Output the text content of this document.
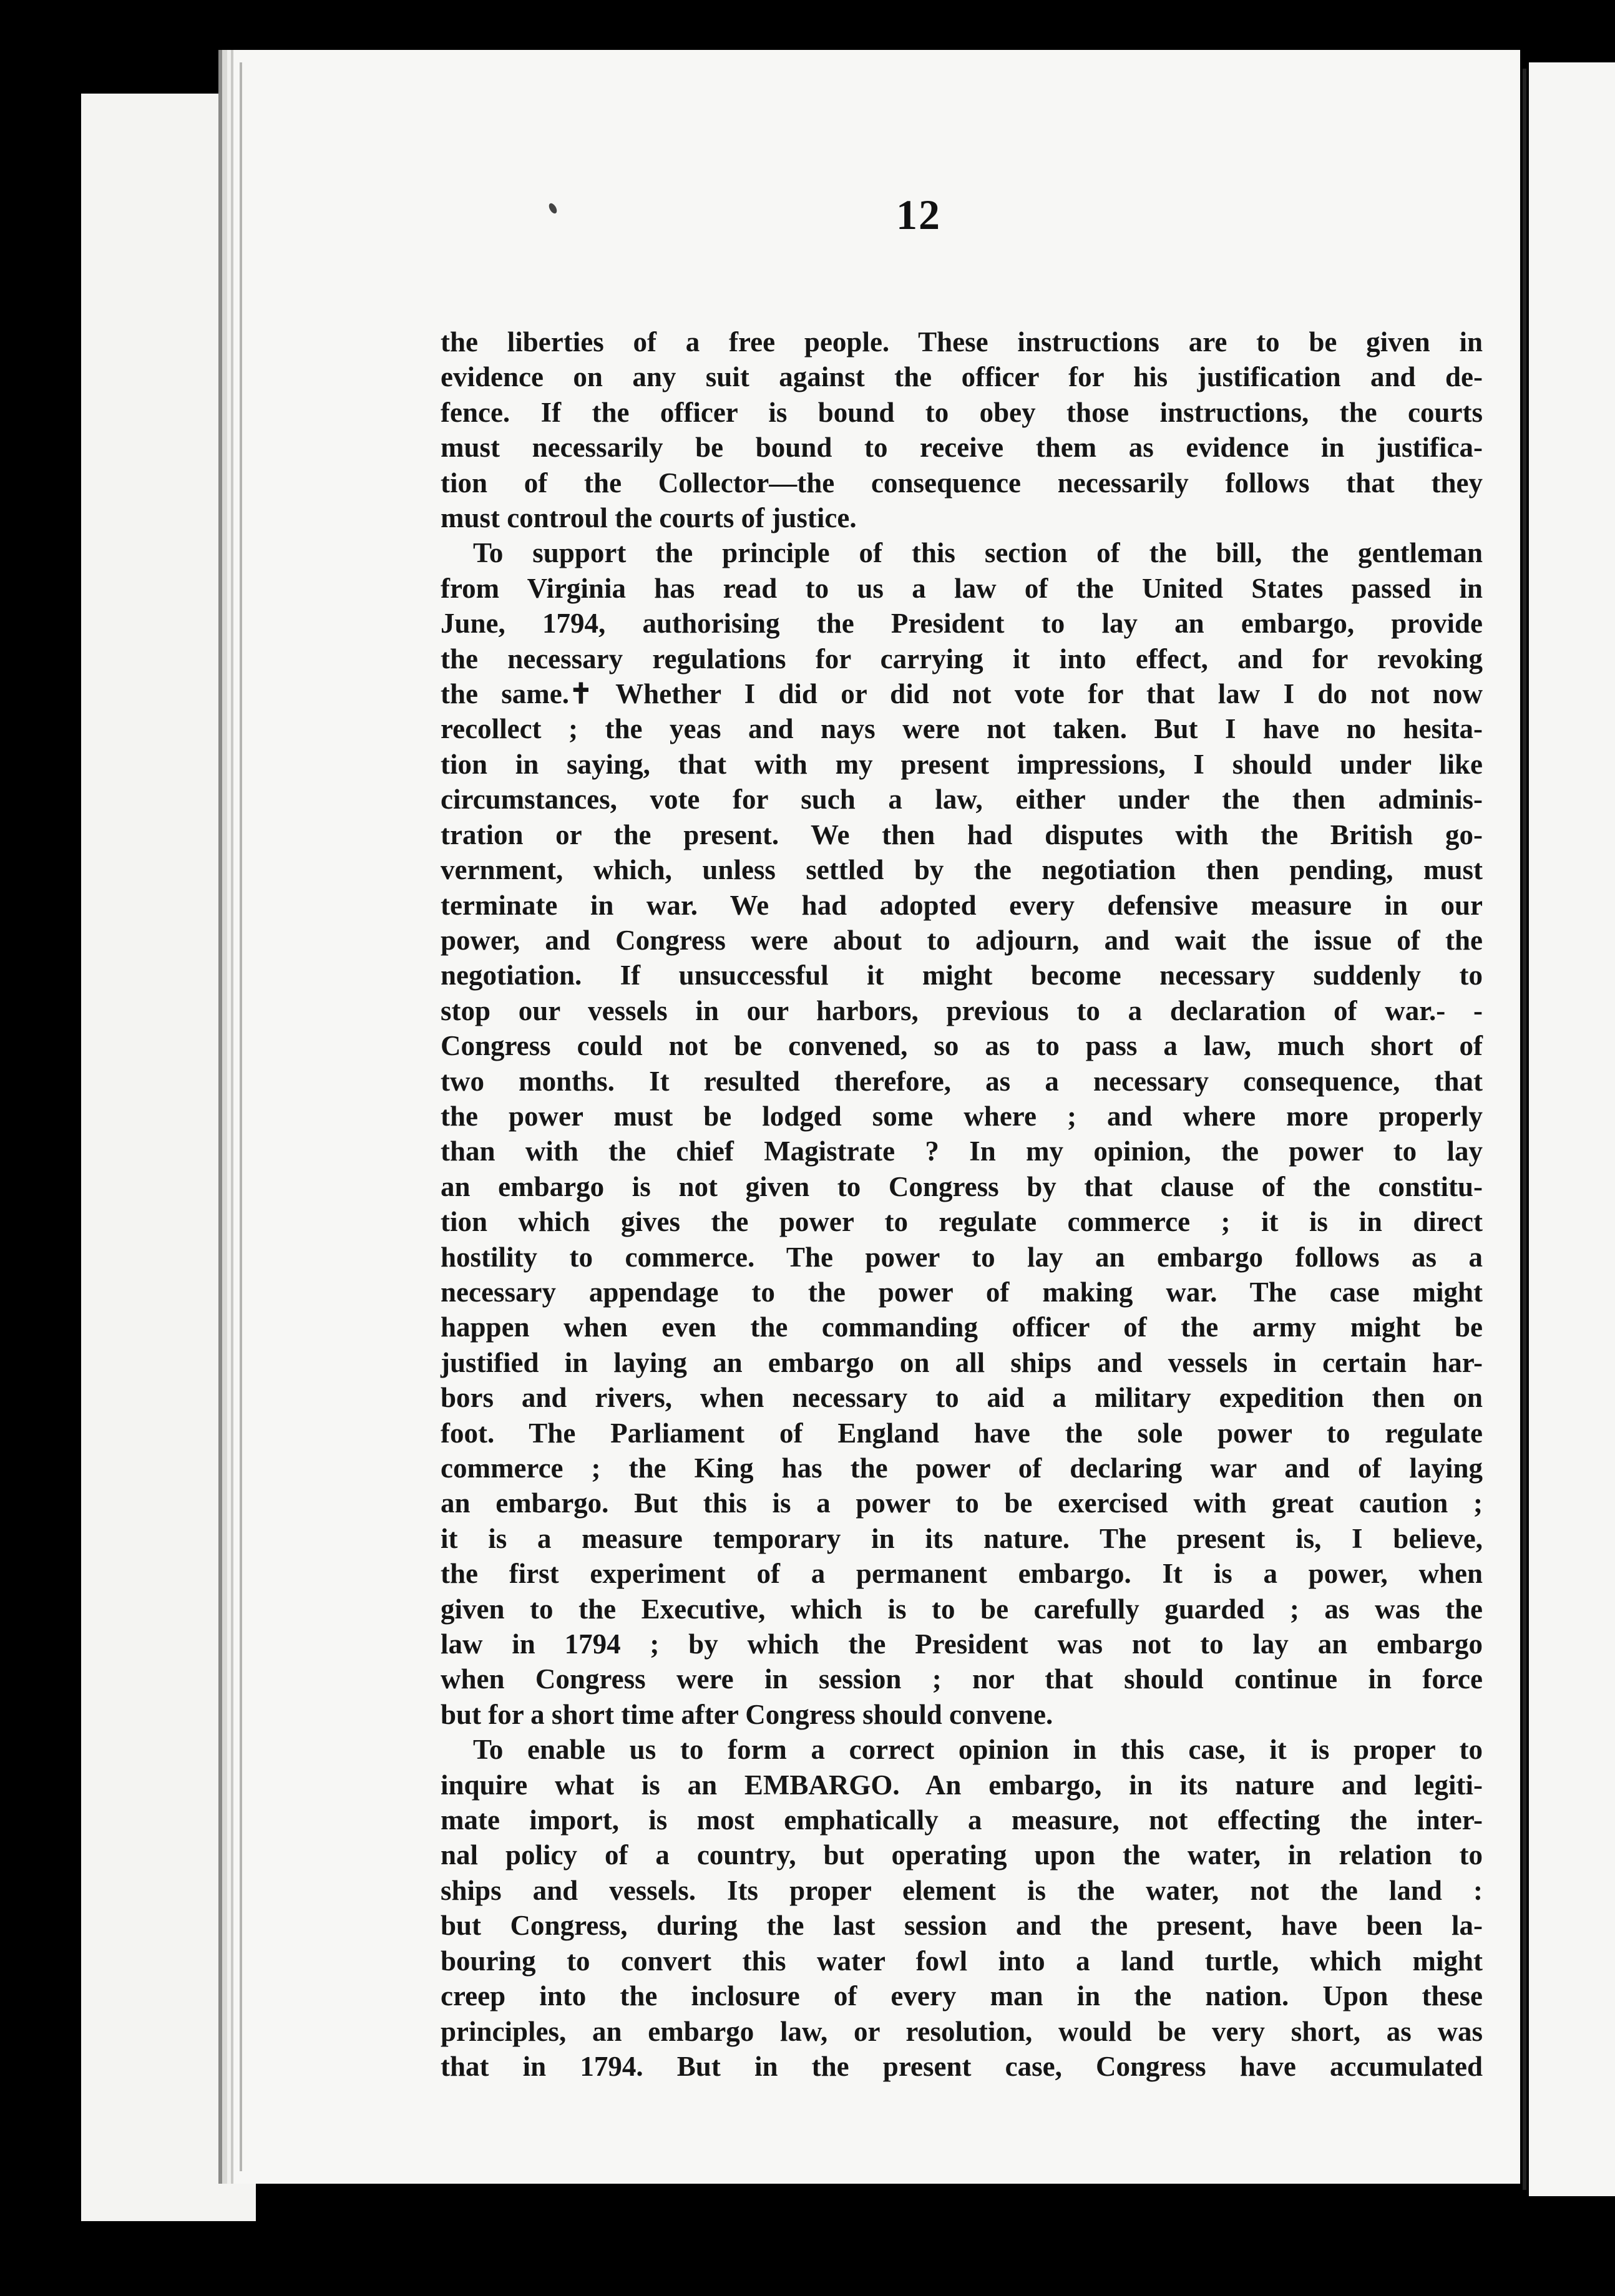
12
the liberties of a free people. These instructions are to be given in
evidence on any suit against the officer for his justification and de-
fence. If the officer is bound to obey those instructions, the courts
must necessarily be bound to receive them as evidence in justifica-
tion of the Collector—the consequence necessarily follows that they
must controul the courts of justice.
To support the principle of this section of the bill, the gentleman
from Virginia has read to us a law of the United States passed in
June, 1794, authorising the President to lay an embargo, provide
the necessary regulations for carrying it into effect, and for revoking
the same.✝ Whether I did or did not vote for that law I do not now
recollect ; the yeas and nays were not taken. But I have no hesita-
tion in saying, that with my present impressions, I should under like
circumstances, vote for such a law, either under the then adminis-
tration or the present. We then had disputes with the British go-
vernment, which, unless settled by the negotiation then pending, must
terminate in war. We had adopted every defensive measure in our
power, and Congress were about to adjourn, and wait the issue of the
negotiation. If unsuccessful it might become necessary suddenly to
stop our vessels in our harbors, previous to a declaration of war.- -
Congress could not be convened, so as to pass a law, much short of
two months. It resulted therefore, as a necessary consequence, that
the power must be lodged some where ; and where more properly
than with the chief Magistrate ? In my opinion, the power to lay
an embargo is not given to Congress by that clause of the constitu-
tion which gives the power to regulate commerce ; it is in direct
hostility to commerce. The power to lay an embargo follows as a
necessary appendage to the power of making war. The case might
happen when even the commanding officer of the army might be
justified in laying an embargo on all ships and vessels in certain har-
bors and rivers, when necessary to aid a military expedition then on
foot. The Parliament of England have the sole power to regulate
commerce ; the King has the power of declaring war and of laying
an embargo. But this is a power to be exercised with great caution ;
it is a measure temporary in its nature. The present is, I believe,
the first experiment of a permanent embargo. It is a power, when
given to the Executive, which is to be carefully guarded ; as was the
law in 1794 ; by which the President was not to lay an embargo
when Congress were in session ; nor that should continue in force
but for a short time after Congress should convene.
To enable us to form a correct opinion in this case, it is proper to
inquire what is an EMBARGO. An embargo, in its nature and legiti-
mate import, is most emphatically a measure, not effecting the inter-
nal policy of a country, but operating upon the water, in relation to
ships and vessels. Its proper element is the water, not the land :
but Congress, during the last session and the present, have been la-
bouring to convert this water fowl into a land turtle, which might
creep into the inclosure of every man in the nation. Upon these
principles, an embargo law, or resolution, would be very short, as was
that in 1794. But in the present case, Congress have accumulated
